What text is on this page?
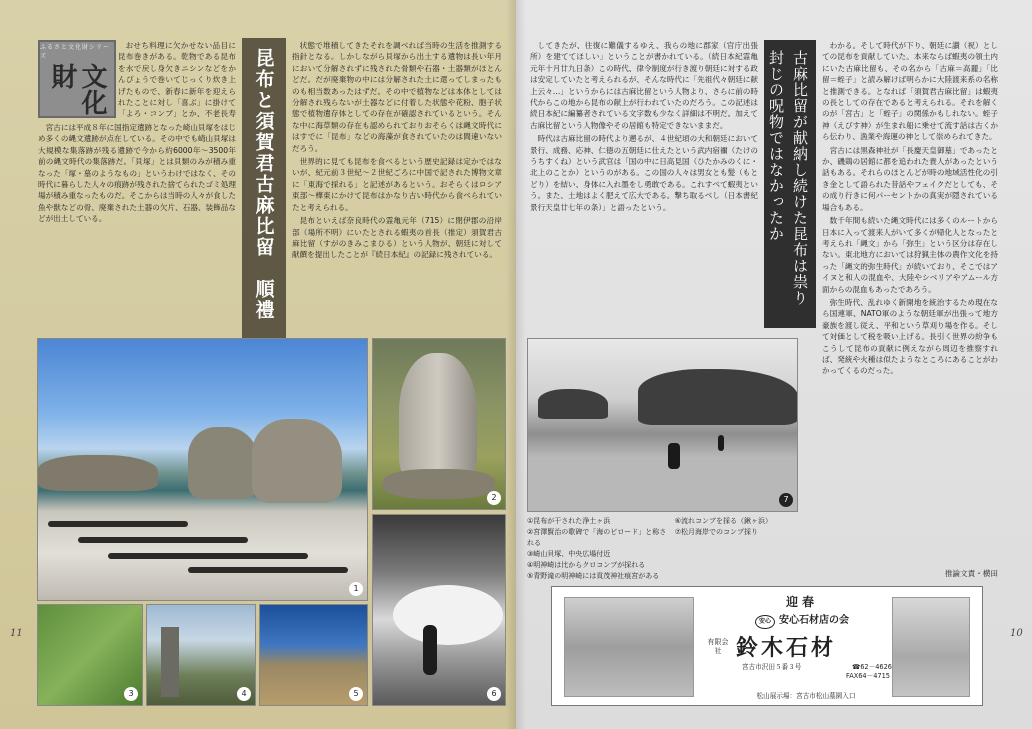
ふるさと文化財シリーズ
文化財

おせち料理に欠かせない品目に昆布巻きがある。乾物である昆布を水で戻し身欠きニシンなどをかんぴょうで巻いてじっくり炊き上げたもので、新春に新年を迎えられたことに対し「喜ぶ」に掛けて「よろ・コンブ」とか、不老長寿

宮古には平成８年に国指定遺跡となった崎山貝塚をはじめ多くの縄文遺跡が点在している。その中でも崎山貝塚は大規模な集落跡が残る遺跡で今から約6000年～3500年前の縄文時代の集落跡だ。「貝塚」とは貝類のみが積み重なった「塚・墓のようなもの」というわけではなく、その時代に暮らした人々の痕跡が残された捨てられたゴミ処理場が積み重なったものだ。そこからは当時の人々が食した魚や獣などの骨、廃棄された土器の欠片、石器、装飾品などが出土している。	昆布と須賀君古麻比留　順禮

状態で堆積してきたそれを調べれば当時の生活を推測する指針となる。しかしながら貝塚から出土する遺物は長い年月において分解されずに残された骨類や石器・土器類がほとんどだ。だが廃棄物の中には分解された土に還ってしまったものも相当数あったはずだ。その中で植物などは本体としては分解され残らないが土器などに付着した状態や花粉、胞子状態で植物遺存体としての存在が確認されているという。そんな中に海草類の存在も認められておりおそらくは縄文時代にはすでに「昆布」などの海藻が食されていたのは間違いないだろう。

世界的に見ても昆布を食べるという歴史記録は定かではないが、紀元前３世紀～２世紀ごろに中国で記された博物文章に「東海で採れる」と記述があるという。おそらくはロシア東部～樺東にかけて昆布はかなり古い時代から食べられていたと考えられる。

昆布といえば奈良時代の霊亀元年（715）に閉伊郡の沿岸部（場所不明）にいたとされる蝦夷の首長（推定）須賀君古麻比留（すがのきみこまひる）という人物が、朝廷に対して献饌を提出したことが『続日本紀』の記録に残されている。

してきたが、往復に難儀するゆえ、我らの地に郡家（官庁出張所）を建ててほしい」ということが書かれている。（続日本紀霊亀元年十月廿九日条）この時代、律令制度が行き渡り朝廷に対する政は安定していたと考えられるが、そんな時代に「先祖代々朝廷に献上云々…」というからには古麻比留という人物より、さらに前の時代からこの地から昆布の献上が行われていたのだろう。この記述は続日本紀に編纂者されている文字数も少なく詳細は不明だ。加えて古麻比留という人物像やその居館も特定できないままだ。

時代は古麻比留の時代より遡るが、４世紀頃の大和朝廷において景行、成務、応神、仁徳の五朝廷に仕えたという武内宿禰（たけのうちすくね）という武官は「国の中に日高見国（ひたかみのくに・北上のことか）というのがある。この国の人々は男女とも髪（もとどり）を結い、身体に入れ墨をし勇敢である。これすべて蝦夷という。また、土地はよく肥えて広大である。撃ち取るべし（日本書紀景行天皇廿七年の条）」と語ったという。	古麻比留が献納し続けた昆布は祟り封じの呪物ではなかったか

わかる。そして時代が下り、朝廷に讃（祝）としての昆布を貢献していた。本来ならば蝦夷の領土内にいた古麻比留も、その名から「古麻＝高麗」「比留＝蛭子」と読み解けば明らかに大陸渡来系の名称と推測できる。となれば「須賀君古麻比留」は蝦夷の長としての存在であると考えられる。それを解くのが「宮古」と「蛭子」の関係かもしれない。蛭子神（えびす神）が生まれ船に乗せて流す話は古くから伝わり、漁業や海運の神として崇められてきた。

宮古には黒森神社が「長慶天皇御墓」であったとか、磯鶏の居館に都を追われた貴人があったという話もある。それらのほとんどが時の地域活性化の引き金として語られた昔話やフェイクだとしても、その成り行きに何パーセントかの真実が隠されている場合もある。

数千年間も続いた縄文時代には多くのルートから日本に入って渡来人がいて多くが帰化人となったと考えられ「縄文」から「弥生」という区分は存在しない。東北地方においては狩猟主体の農作文化を持った「縄文的弥生時代」が続いており、そこではアイヌと和人の混血や、大陸やシベリアやアムール方面からの混血もあったであろう。

弥生時代、乱れゆく新開地を統治するため現在なら国連軍、NATO軍のような朝廷軍が出張って地方豪族を渡し従え、平和という草刈り場を作る。そして対価として税を吸い上げる。長引く世界の紛争もこうして昆布の貢献に例えながら周辺を推察すれば、発統や火種は似たようなところにあることがわかってくるのだった。

推論文責・横田
1
2
3	4	5	6
7
①昆布が干された浄土ヶ浜
②宮澤賢治の歌碑で「海のビロード」と称される
③崎山貝塚、中央広場付近
④明神崎は比からクロコンブが採れる
⑤青野滝の明神崎には貢茂神社痕宮がある
⑥流れコンブを採る（鍬ヶ浜）
⑦松月海岸でのコンブ採り
迎春
安心 安心石材店の会
有限会社 鈴木石材
宮古市沢田５番３号	☎62－4626
FAX64－4715
松山展示場：宮古市松山墓園入口
11	10
